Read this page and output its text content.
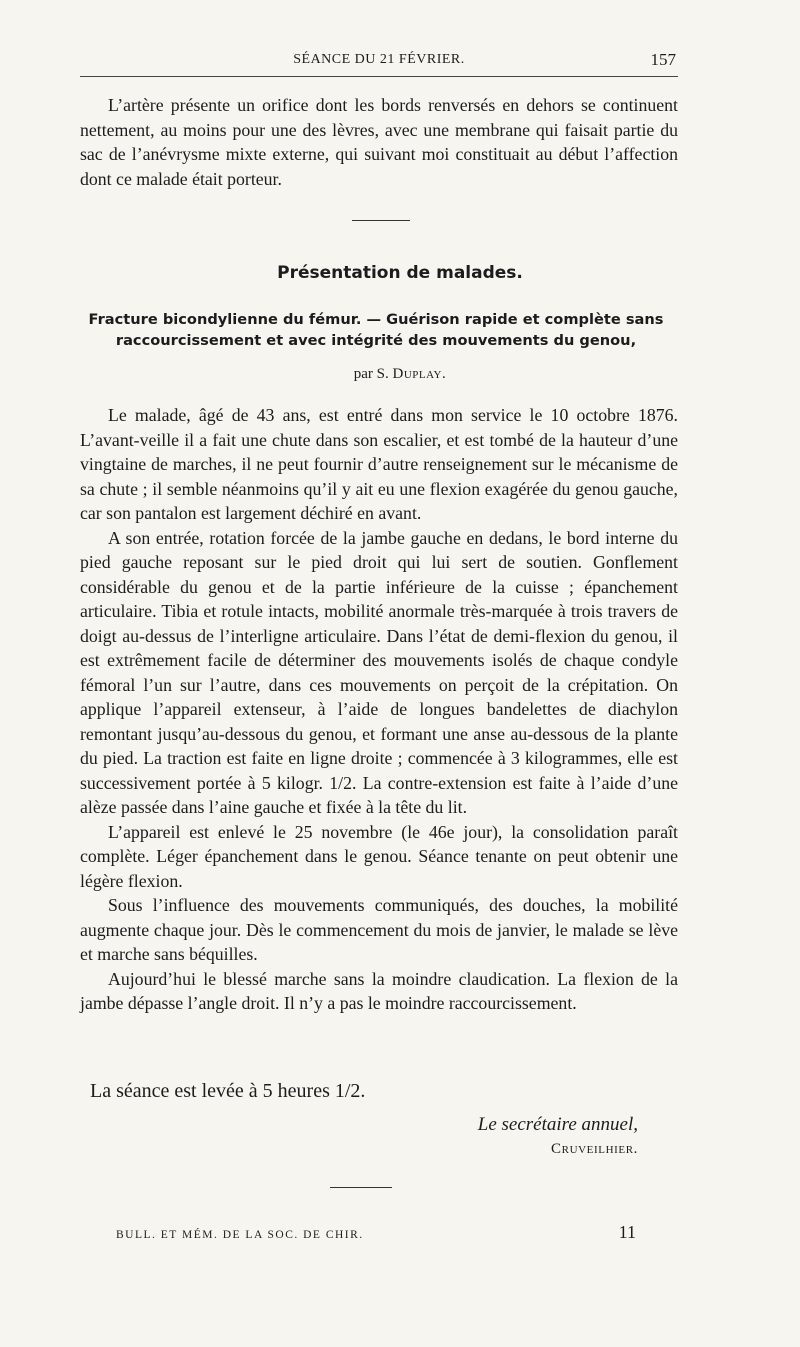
SÉANCE DU 21 FÉVRIER.	157

L’artère présente un orifice dont les bords renversés en dehors se continuent nettement, au moins pour une des lèvres, avec une membrane qui faisait partie du sac de l’anévrysme mixte externe, qui suivant moi constituait au début l’affection dont ce malade était porteur.

Présentation de malades.
Fracture bicondylienne du fémur. — Guérison rapide et complète sans raccourcissement et avec intégrité des mouvements du genou,
par S. Duplay.

Le malade, âgé de 43 ans, est entré dans mon service le 10 octobre 1876. L’avant-veille il a fait une chute dans son escalier, et est tombé de la hauteur d’une vingtaine de marches, il ne peut fournir d’autre renseignement sur le mécanisme de sa chute ; il semble néanmoins qu’il y ait eu une flexion exagérée du genou gauche, car son pantalon est largement déchiré en avant.

A son entrée, rotation forcée de la jambe gauche en dedans, le bord interne du pied gauche reposant sur le pied droit qui lui sert de soutien. Gonflement considérable du genou et de la partie inférieure de la cuisse ; épanchement articulaire. Tibia et rotule intacts, mobilité anormale très-marquée à trois travers de doigt au-dessus de l’interligne articulaire. Dans l’état de demi-flexion du genou, il est extrêmement facile de déterminer des mouvements isolés de chaque condyle fémoral l’un sur l’autre, dans ces mouvements on perçoit de la crépitation. On applique l’appareil extenseur, à l’aide de longues bandelettes de diachylon remontant jusqu’au-dessous du genou, et formant une anse au-dessous de la plante du pied. La traction est faite en ligne droite ; commencée à 3 kilogrammes, elle est successivement portée à 5 kilogr. 1/2. La contre-extension est faite à l’aide d’une alèze passée dans l’aine gauche et fixée à la tête du lit.

L’appareil est enlevé le 25 novembre (le 46e jour), la consolidation paraît complète. Léger épanchement dans le genou. Séance tenante on peut obtenir une légère flexion.

Sous l’influence des mouvements communiqués, des douches, la mobilité augmente chaque jour. Dès le commencement du mois de janvier, le malade se lève et marche sans béquilles.

Aujourd’hui le blessé marche sans la moindre claudication. La flexion de la jambe dépasse l’angle droit. Il n’y a pas le moindre raccourcissement.

La séance est levée à 5 heures 1/2.
Le secrétaire annuel,
Cruveilhier.
BULL. ET MÉM. DE LA SOC. DE CHIR.	11
